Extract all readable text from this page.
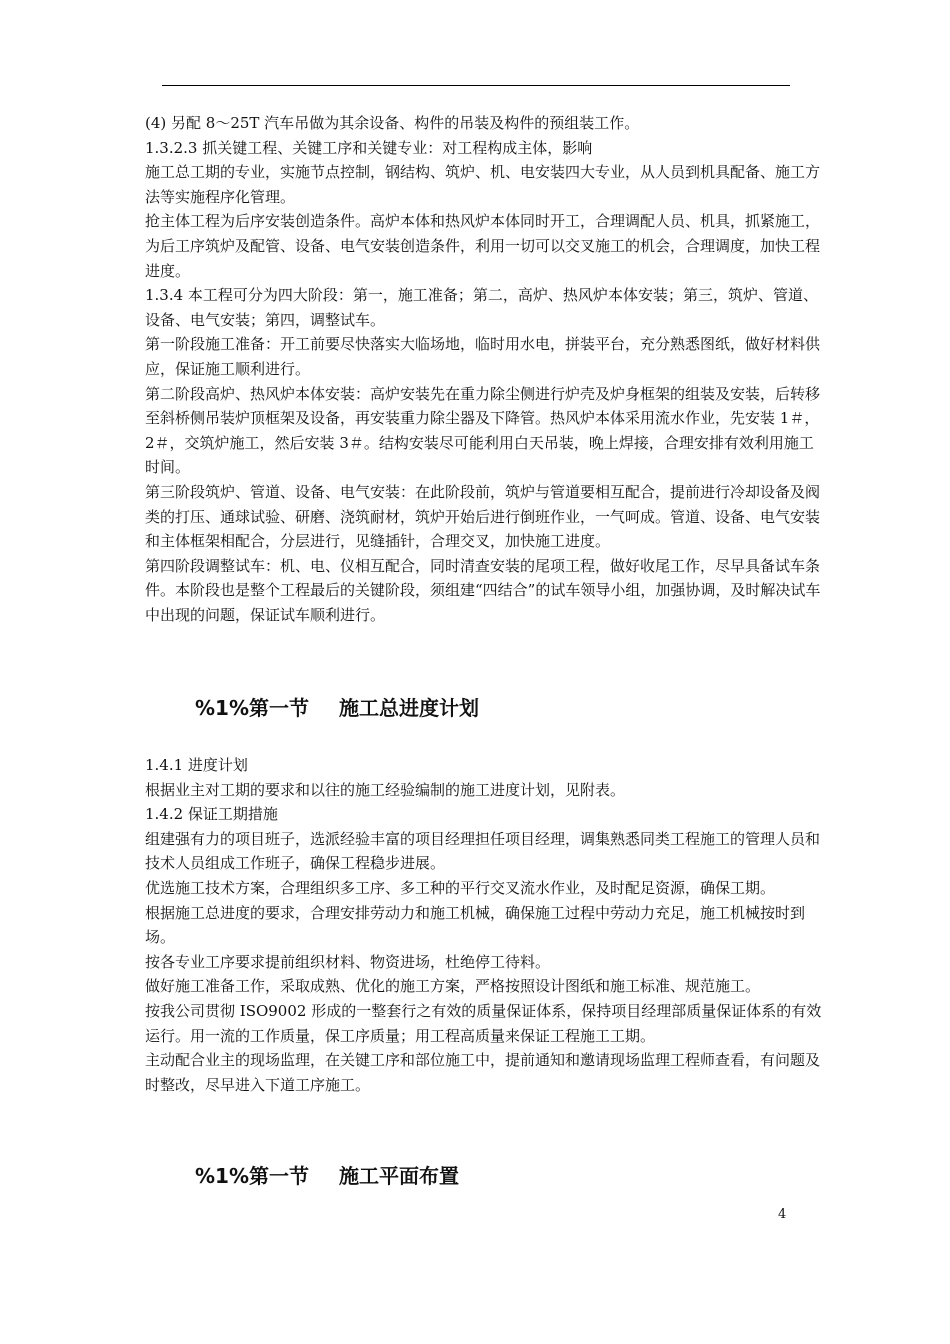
(4) 另配 8～25T 汽车吊做为其余设备、构件的吊装及构件的预组装工作。

1.3.2.3 抓关键工程、关键工序和关键专业：对工程构成主体，影响

施工总工期的专业，实施节点控制，钢结构、筑炉、机、电安装四大专业，从人员到机具配备、施工方法等实施程序化管理。

抢主体工程为后序安装创造条件。高炉本体和热风炉本体同时开工，合理调配人员、机具，抓紧施工，为后工序筑炉及配管、设备、电气安装创造条件，利用一切可以交叉施工的机会，合理调度，加快工程进度。

1.3.4 本工程可分为四大阶段：第一，施工准备；第二，高炉、热风炉本体安装；第三，筑炉、管道、设备、电气安装；第四，调整试车。

第一阶段施工准备：开工前要尽快落实大临场地，临时用水电，拼装平台，充分熟悉图纸，做好材料供应，保证施工顺利进行。

第二阶段高炉、热风炉本体安装：高炉安装先在重力除尘侧进行炉壳及炉身框架的组装及安装，后转移至斜桥侧吊装炉顶框架及设备，再安装重力除尘器及下降管。热风炉本体采用流水作业，先安装 1＃，2＃，交筑炉施工，然后安装 3＃。结构安装尽可能利用白天吊装，晚上焊接，合理安排有效利用施工时间。

第三阶段筑炉、管道、设备、电气安装：在此阶段前，筑炉与管道要相互配合，提前进行冷却设备及阀类的打压、通球试验、研磨、浇筑耐材，筑炉开始后进行倒班作业，一气呵成。管道、设备、电气安装和主体框架相配合，分层进行，见缝插针，合理交叉，加快施工进度。

第四阶段调整试车：机、电、仪相互配合，同时清查安装的尾项工程，做好收尾工作，尽早具备试车条件。本阶段也是整个工程最后的关键阶段，须组建“四结合”的试车领导小组，加强协调，及时解决试车中出现的问题，保证试车顺利进行。

%1%第一节 施工总进度计划

1.4.1 进度计划

根据业主对工期的要求和以往的施工经验编制的施工进度计划，见附表。

1.4.2 保证工期措施

组建强有力的项目班子，选派经验丰富的项目经理担任项目经理，调集熟悉同类工程施工的管理人员和技术人员组成工作班子，确保工程稳步进展。

优选施工技术方案，合理组织多工序、多工种的平行交叉流水作业，及时配足资源，确保工期。

根据施工总进度的要求，合理安排劳动力和施工机械，确保施工过程中劳动力充足，施工机械按时到场。

按各专业工序要求提前组织材料、物资进场，杜绝停工待料。

做好施工准备工作，采取成熟、优化的施工方案，严格按照设计图纸和施工标准、规范施工。

按我公司贯彻 ISO9002 形成的一整套行之有效的质量保证体系，保持项目经理部质量保证体系的有效运行。用一流的工作质量，保工序质量；用工程高质量来保证工程施工工期。

主动配合业主的现场监理，在关键工序和部位施工中，提前通知和邀请现场监理工程师查看，有问题及时整改，尽早进入下道工序施工。

%1%第一节 施工平面布置
4
